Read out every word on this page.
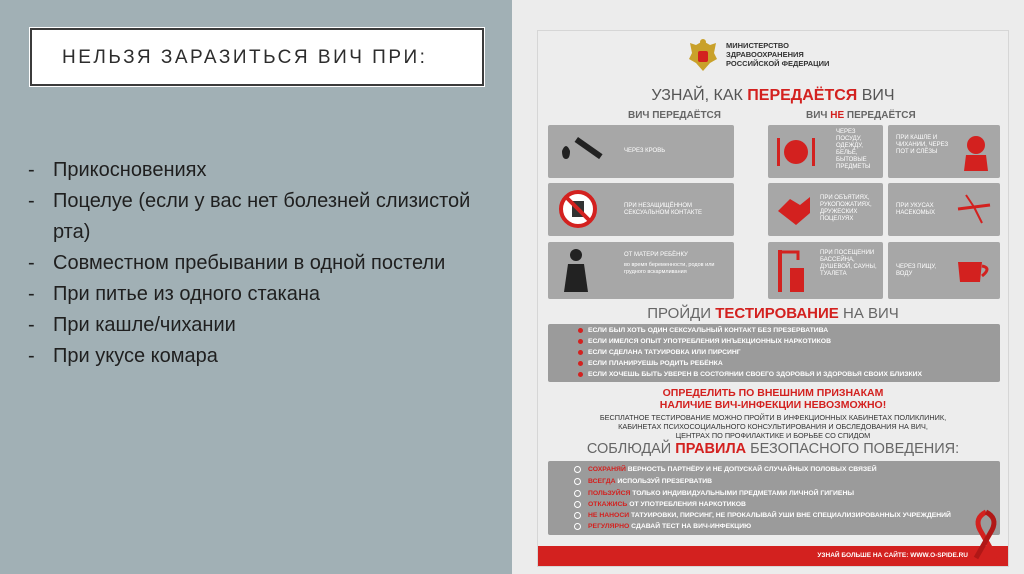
НЕЛЬЗЯ ЗАРАЗИТЬСЯ ВИЧ ПРИ:
- Прикосновениях
- Поцелуе (если у вас нет болезней слизистой рта)
- Совместном пребывании в одной постели
- При питье из одного стакана
- При кашле/чихании
- При укусе комара
МИНИСТЕРСТВО
ЗДРАВООХРАНЕНИЯ
РОССИЙСКОЙ ФЕДЕРАЦИИ
УЗНАЙ, КАК ПЕРЕДАЁТСЯ ВИЧ
ВИЧ ПЕРЕДАЁТСЯ	ВИЧ НЕ ПЕРЕДАЁТСЯ
ЧЕРЕЗ КРОВЬ
ПРИ НЕЗАЩИЩЁННОМ СЕКСУАЛЬНОМ КОНТАКТЕ
ОТ МАТЕРИ РЕБЁНКУ
во время беременности, родов или грудного вскармливания
ЧЕРЕЗ ПОСУДУ, ОДЕЖДУ, БЕЛЬЁ, БЫТОВЫЕ ПРЕДМЕТЫ
ПРИ КАШЛЕ И ЧИХАНИИ, ЧЕРЕЗ ПОТ И СЛЁЗЫ
ПРИ ОБЪЯТИЯХ, РУКОПОЖАТИЯХ, ДРУЖЕСКИХ ПОЦЕЛУЯХ
ПРИ УКУСАХ НАСЕКОМЫХ
ПРИ ПОСЕЩЕНИИ БАССЕЙНА, ДУШЕВОЙ, САУНЫ, ТУАЛЕТА
ЧЕРЕЗ ПИЩУ, ВОДУ
ПРОЙДИ ТЕСТИРОВАНИЕ НА ВИЧ
ЕСЛИ БЫЛ ХОТЬ ОДИН СЕКСУАЛЬНЫЙ КОНТАКТ БЕЗ ПРЕЗЕРВАТИВА
ЕСЛИ ИМЕЛСЯ ОПЫТ УПОТРЕБЛЕНИЯ ИНЪЕКЦИОННЫХ НАРКОТИКОВ
ЕСЛИ СДЕЛАНА ТАТУИРОВКА ИЛИ ПИРСИНГ
ЕСЛИ ПЛАНИРУЕШЬ РОДИТЬ РЕБЁНКА
ЕСЛИ ХОЧЕШЬ БЫТЬ УВЕРЕН В СОСТОЯНИИ СВОЕГО ЗДОРОВЬЯ И ЗДОРОВЬЯ СВОИХ БЛИЗКИХ
ОПРЕДЕЛИТЬ ПО ВНЕШНИМ ПРИЗНАКАМ
НАЛИЧИЕ ВИЧ-ИНФЕКЦИИ НЕВОЗМОЖНО!
БЕСПЛАТНОЕ ТЕСТИРОВАНИЕ МОЖНО ПРОЙТИ В ИНФЕКЦИОННЫХ КАБИНЕТАХ ПОЛИКЛИНИК,
КАБИНЕТАХ ПСИХОСОЦИАЛЬНОГО КОНСУЛЬТИРОВАНИЯ И ОБСЛЕДОВАНИЯ НА ВИЧ,
ЦЕНТРАХ ПО ПРОФИЛАКТИКЕ И БОРЬБЕ СО СПИДОМ
СОБЛЮДАЙ ПРАВИЛА БЕЗОПАСНОГО ПОВЕДЕНИЯ:
СОХРАНЯЙ ВЕРНОСТЬ ПАРТНЁРУ И НЕ ДОПУСКАЙ СЛУЧАЙНЫХ ПОЛОВЫХ СВЯЗЕЙ
ВСЕГДА ИСПОЛЬЗУЙ ПРЕЗЕРВАТИВ
ПОЛЬЗУЙСЯ ТОЛЬКО ИНДИВИДУАЛЬНЫМИ ПРЕДМЕТАМИ ЛИЧНОЙ ГИГИЕНЫ
ОТКАЖИСЬ ОТ УПОТРЕБЛЕНИЯ НАРКОТИКОВ
НЕ НАНОСИ ТАТУИРОВКИ, ПИРСИНГ, НЕ ПРОКАЛЫВАЙ УШИ ВНЕ СПЕЦИАЛИЗИРОВАННЫХ УЧРЕЖДЕНИЙ
РЕГУЛЯРНО СДАВАЙ ТЕСТ НА ВИЧ-ИНФЕКЦИЮ
УЗНАЙ БОЛЬШЕ НА САЙТЕ: WWW.O-SPIDE.RU
